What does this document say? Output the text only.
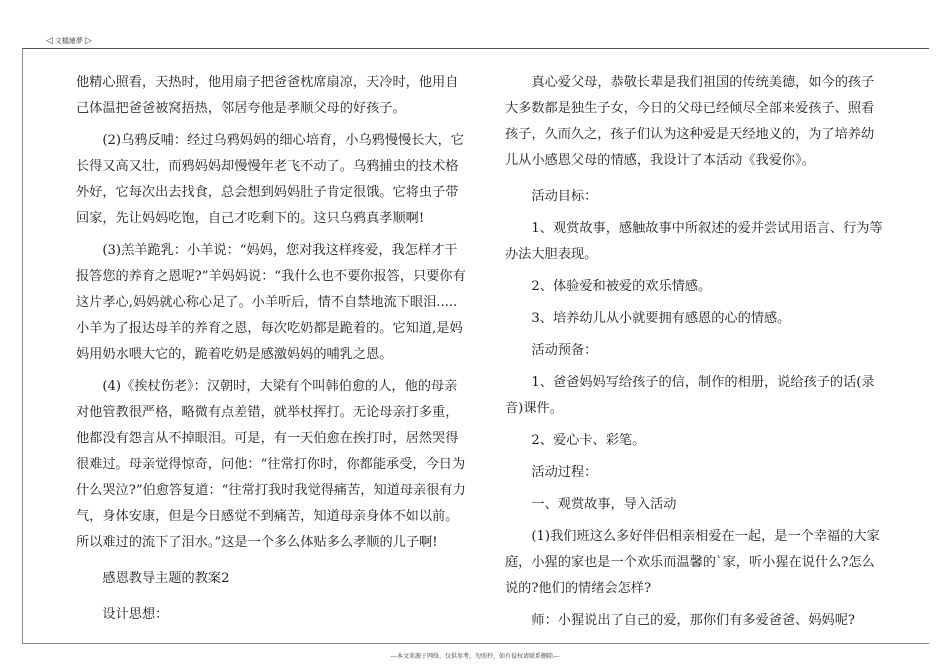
◁ 文檔繪夢 ▷

他精心照看，天热时，他用扇子把爸爸枕席扇凉，天冷时，他用自己体温把爸爸被窝捂热，邻居夸他是孝顺父母的好孩子。

(2)乌鸦反哺：经过乌鸦妈妈的细心培育，小乌鸦慢慢长大，它长得又高又壮，而鸦妈妈却慢慢年老飞不动了。乌鸦捕虫的技术格外好，它每次出去找食，总会想到妈妈肚子肯定很饿。它将虫子带回家，先让妈妈吃饱，自己才吃剩下的。这只乌鸦真孝顺啊!

(3)羔羊跪乳：小羊说：“妈妈，您对我这样疼爱，我怎样才干报答您的养育之恩呢?”羊妈妈说：“我什么也不要你报答，只要你有这片孝心,妈妈就心称心足了。小羊听后，情不自禁地流下眼泪.....小羊为了报达母羊的养育之恩，每次吃奶都是跪着的。它知道,是妈妈用奶水喂大它的，跪着吃奶是感激妈妈的哺乳之恩。

(4)《挨杖伤老》：汉朝时，大梁有个叫韩伯愈的人，他的母亲对他管教很严格，略微有点差错，就举杖挥打。无论母亲打多重，他都没有怨言从不掉眼泪。可是，有一天伯愈在挨打时，居然哭得很难过。母亲觉得惊奇，问他：“往常打你时，你都能承受，今日为什么哭泣?”伯愈答复道：“往常打我时我觉得痛苦，知道母亲很有力气，身体安康，但是今日感觉不到痛苦，知道母亲身体不如以前。所以难过的流下了泪水。”这是一个多么体贴多么孝顺的儿子啊!

感恩教导主题的教案2

设计思想：

真心爱父母，恭敬长辈是我们祖国的传统美德，如今的孩子大多数都是独生子女，今日的父母已经倾尽全部来爱孩子、照看孩子，久而久之，孩子们认为这种爱是天经地义的，为了培养幼儿从小感恩父母的情感，我设计了本活动《我爱你》。

活动目标：

1、观赏故事，感触故事中所叙述的爱并尝试用语言、行为等办法大胆表现。

2、体验爱和被爱的欢乐情感。

3、培养幼儿从小就要拥有感恩的心的情感。

活动预备：

1、爸爸妈妈写给孩子的信，制作的相册，说给孩子的话(录音)课件。

2、爱心卡、彩笔。

活动过程：

一、观赏故事，导入活动

(1)我们班这么多好伴侣相亲相爱在一起，是一个幸福的大家庭，小猩的家也是一个欢乐而温馨的`家，听小猩在说什么?怎么说的?他们的情绪会怎样?

师：小猩说出了自己的爱，那你们有多爱爸爸、妈妈呢?

---本文来源于网络，仅供参考，勿照抄，如有侵权请联系删除---
